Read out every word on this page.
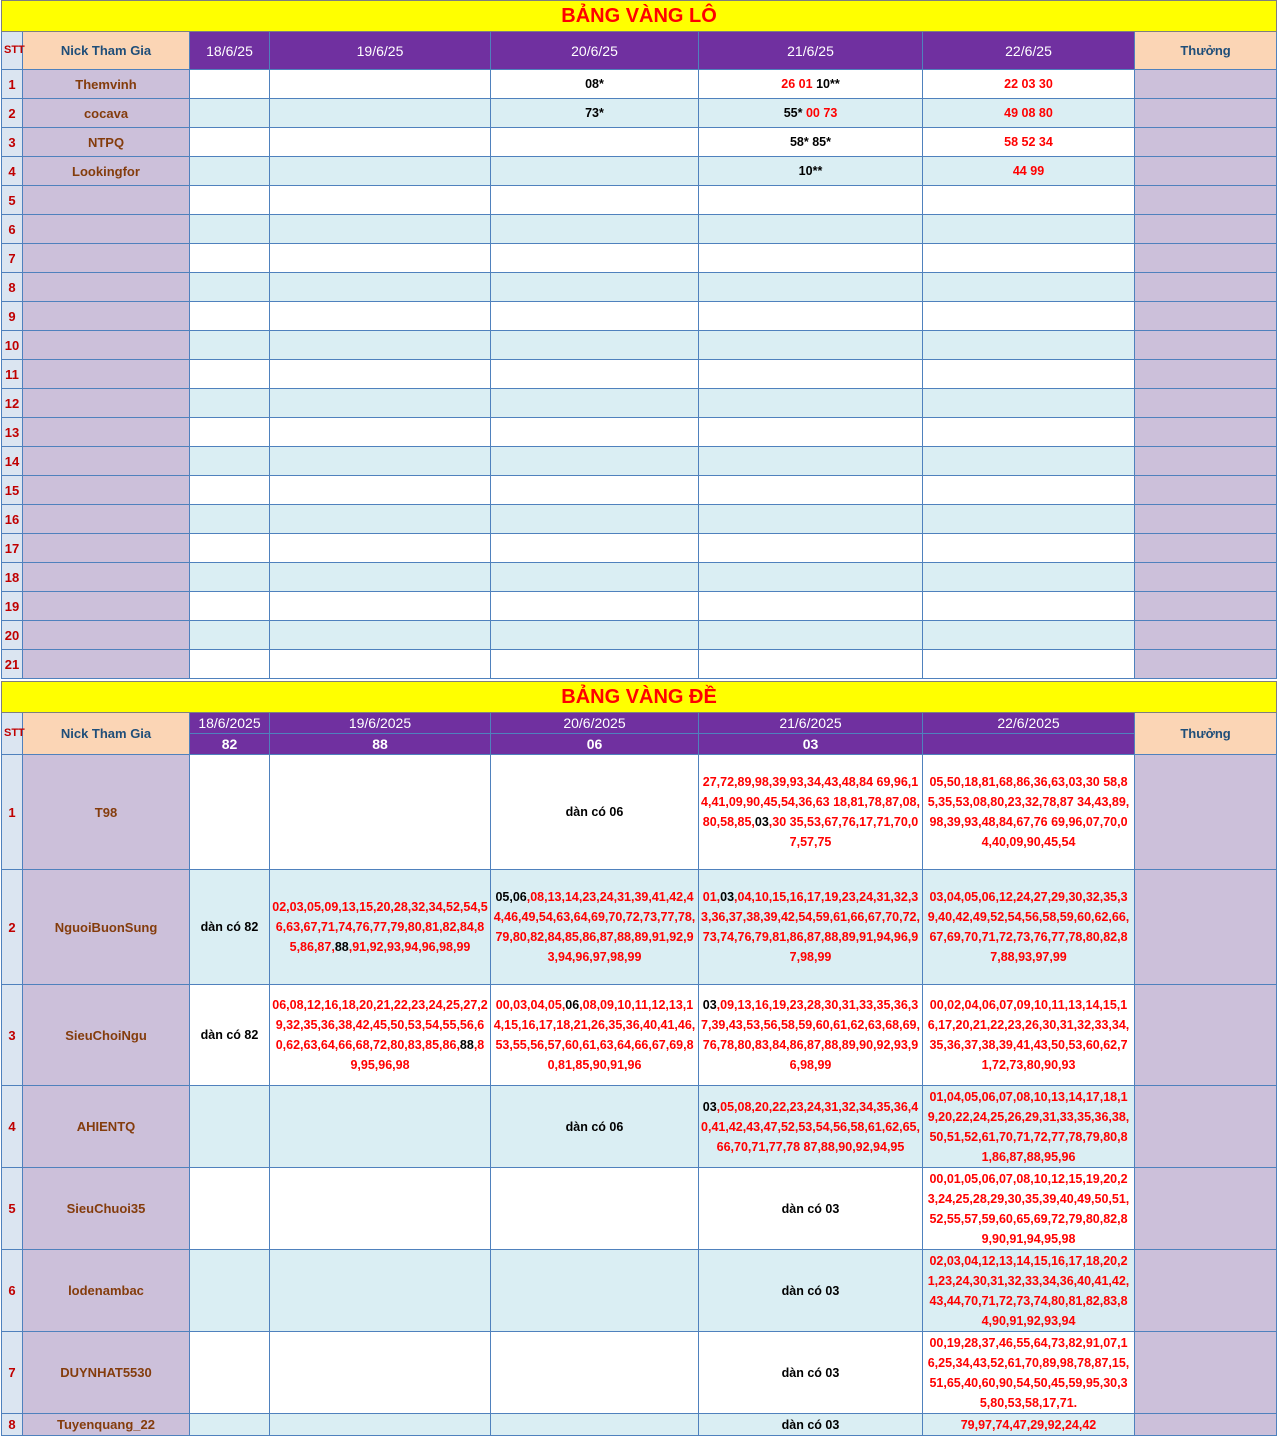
BẢNG VÀNG LÔ							
STT	Nick Tham Gia	18/6/25	19/6/25	20/6/25	21/6/25	22/6/25	Thưởng
1	Themvinh			08*	26 01 10**	22 03 30	
2	cocava			73*	55* 00 73	49 08 80	
3	NTPQ				58* 85*	58 52 34	
4	Lookingfor				10**	44 99	
5							
6							
7							
8							
9							
10							
11							
12							
13							
14							
15							
16							
17							
18							
19							
20							
21							
BẢNG VÀNG ĐỀ							
STT	Nick Tham Gia	18/6/2025	19/6/2025	20/6/2025	21/6/2025	22/6/2025	Thưởng
		82	88	06	03		
1	T98			dàn có 06	27,72,89,98,39,93,34,43,48,84 69,96,14,41,09,90,45,54,36,63 18,81,78,87,08,80,58,85,03,30 35,53,67,76,17,71,70,07,57,75	05,50,18,81,68,86,36,63,03,30 58,85,35,53,08,80,23,32,78,87 34,43,89,98,39,93,48,84,67,76 69,96,07,70,04,40,09,90,45,54	
2	NguoiBuonSung	dàn có 82	02,03,05,09,13,15,20,28,32,34,52,54,56,63,67,71,74,76,77,79,80,81,82,84,85,86,87,88,91,92,93,94,96,98,99	05,06,08,13,14,23,24,31,39,41,42,44,46,49,54,63,64,69,70,72,73,77,78,79,80,82,84,85,86,87,88,89,91,92,93,94,96,97,98,99	01,03,04,10,15,16,17,19,23,24,31,32,33,36,37,38,39,42,54,59,61,66,67,70,72,73,74,76,79,81,86,87,88,89,91,94,96,97,98,99	03,04,05,06,12,24,27,29,30,32,35,39,40,42,49,52,54,56,58,59,60,62,66,67,69,70,71,72,73,76,77,78,80,82,87,88,93,97,99	
3	SieuChoiNgu	dàn có 82	06,08,12,16,18,20,21,22,23,24,25,27,29,32,35,36,38,42,45,50,53,54,55,56,60,62,63,64,66,68,72,80,83,85,86,88,89,95,96,98	00,03,04,05,06,08,09,10,11,12,13,14,15,16,17,18,21,26,35,36,40,41,46,53,55,56,57,60,61,63,64,66,67,69,80,81,85,90,91,96	03,09,13,16,19,23,28,30,31,33,35,36,37,39,43,53,56,58,59,60,61,62,63,68,69,76,78,80,83,84,86,87,88,89,90,92,93,96,98,99	00,02,04,06,07,09,10,11,13,14,15,16,17,20,21,22,23,26,30,31,32,33,34,35,36,37,38,39,41,43,50,53,60,62,71,72,73,80,90,93	
4	AHIENTQ			dàn có 06	03,05,08,20,22,23,24,31,32,34,35,36,40,41,42,43,47,52,53,54,56,58,61,62,65,66,70,71,77,78 87,88,90,92,94,95	01,04,05,06,07,08,10,13,14,17,18,19,20,22,24,25,26,29,31,33,35,36,38,50,51,52,61,70,71,72,77,78,79,80,81,86,87,88,95,96	
5	SieuChuoi35				dàn có 03	00,01,05,06,07,08,10,12,15,19,20,23,24,25,28,29,30,35,39,40,49,50,51,52,55,57,59,60,65,69,72,79,80,82,89,90,91,94,95,98	
6	lodenambac				dàn có 03	02,03,04,12,13,14,15,16,17,18,20,21,23,24,30,31,32,33,34,36,40,41,42,43,44,70,71,72,73,74,80,81,82,83,84,90,91,92,93,94	
7	DUYNHAT5530				dàn có 03	00,19,28,37,46,55,64,73,82,91,07,16,25,34,43,52,61,70,89,98,78,87,15,51,65,40,60,90,54,50,45,59,95,30,35,80,53,58,17,71.	
8	Tuyenquang_22				dàn có 03	79,97,74,47,29,92,24,42	
